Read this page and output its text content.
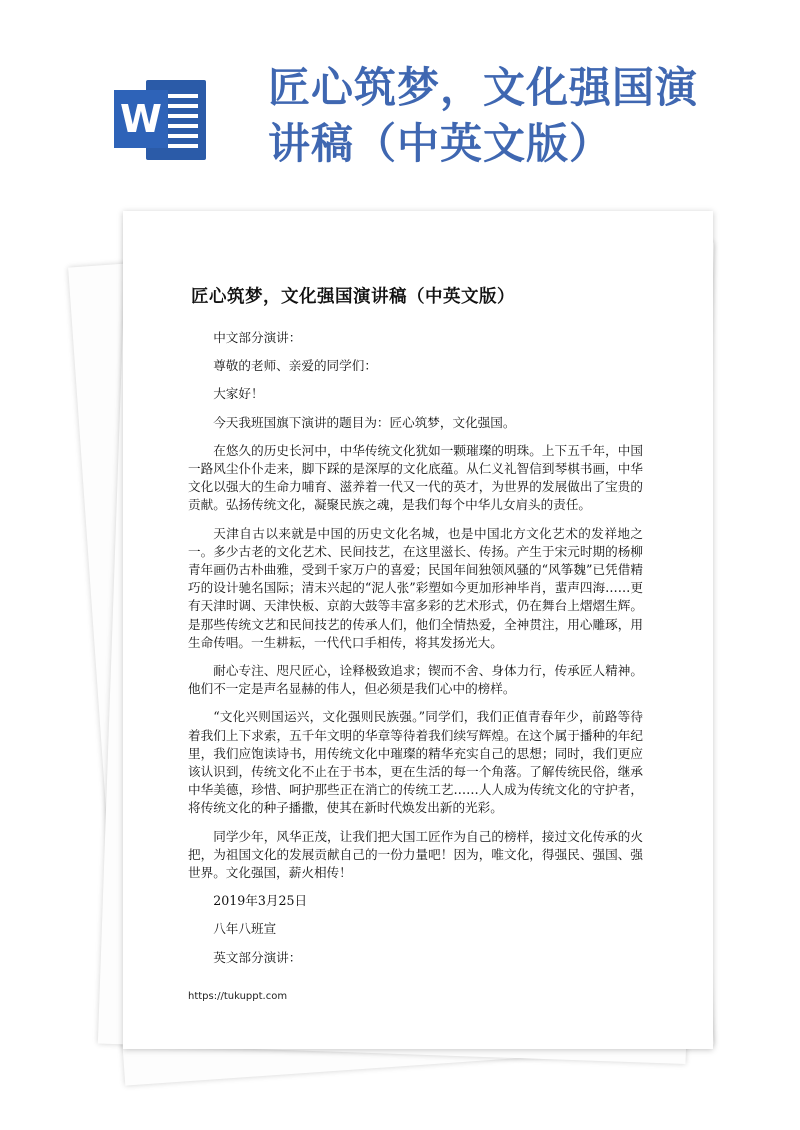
W
匠心筑梦，文化强国演
讲稿（中英文版）
匠心筑梦，文化强国演讲稿（中英文版）

中文部分演讲：

尊敬的老师、亲爱的同学们：

大家好！

今天我班国旗下演讲的题目为：匠心筑梦，文化强国。

在悠久的历史长河中，中华传统文化犹如一颗璀璨的明珠。上下五千年，中国一路风尘仆仆走来，脚下踩的是深厚的文化底蕴。从仁义礼智信到琴棋书画，中华文化以强大的生命力哺育、滋养着一代又一代的英才，为世界的发展做出了宝贵的贡献。弘扬传统文化，凝聚民族之魂，是我们每个中华儿女肩头的责任。

天津自古以来就是中国的历史文化名城，也是中国北方文化艺术的发祥地之一。多少古老的文化艺术、民间技艺，在这里滋长、传扬。产生于宋元时期的杨柳青年画仍古朴曲雅，受到千家万户的喜爱；民国年间独领风骚的“风筝魏”已凭借精巧的设计驰名国际；清末兴起的“泥人张”彩塑如今更加形神毕肖，蜚声四海……更有天津时调、天津快板、京韵大鼓等丰富多彩的艺术形式，仍在舞台上熠熠生辉。是那些传统文艺和民间技艺的传承人们，他们全情热爱，全神贯注，用心雕琢，用生命传唱。一生耕耘，一代代口手相传，将其发扬光大。

耐心专注、咫尺匠心，诠释极致追求；锲而不舍、身体力行，传承匠人精神。他们不一定是声名显赫的伟人，但必须是我们心中的榜样。

“文化兴则国运兴，文化强则民族强。”同学们，我们正值青春年少，前路等待着我们上下求索，五千年文明的华章等待着我们续写辉煌。在这个属于播种的年纪里，我们应饱读诗书，用传统文化中璀璨的精华充实自己的思想；同时，我们更应该认识到，传统文化不止在于书本，更在生活的每一个角落。了解传统民俗，继承中华美德，珍惜、呵护那些正在消亡的传统工艺……人人成为传统文化的守护者，将传统文化的种子播撒，使其在新时代焕发出新的光彩。

同学少年，风华正茂，让我们把大国工匠作为自己的榜样，接过文化传承的火把，为祖国文化的发展贡献自己的一份力量吧！因为，唯文化，得强民、强国、强世界。文化强国，薪火相传！

2019年3月25日

八年八班宣

英文部分演讲：

https://tukuppt.com
